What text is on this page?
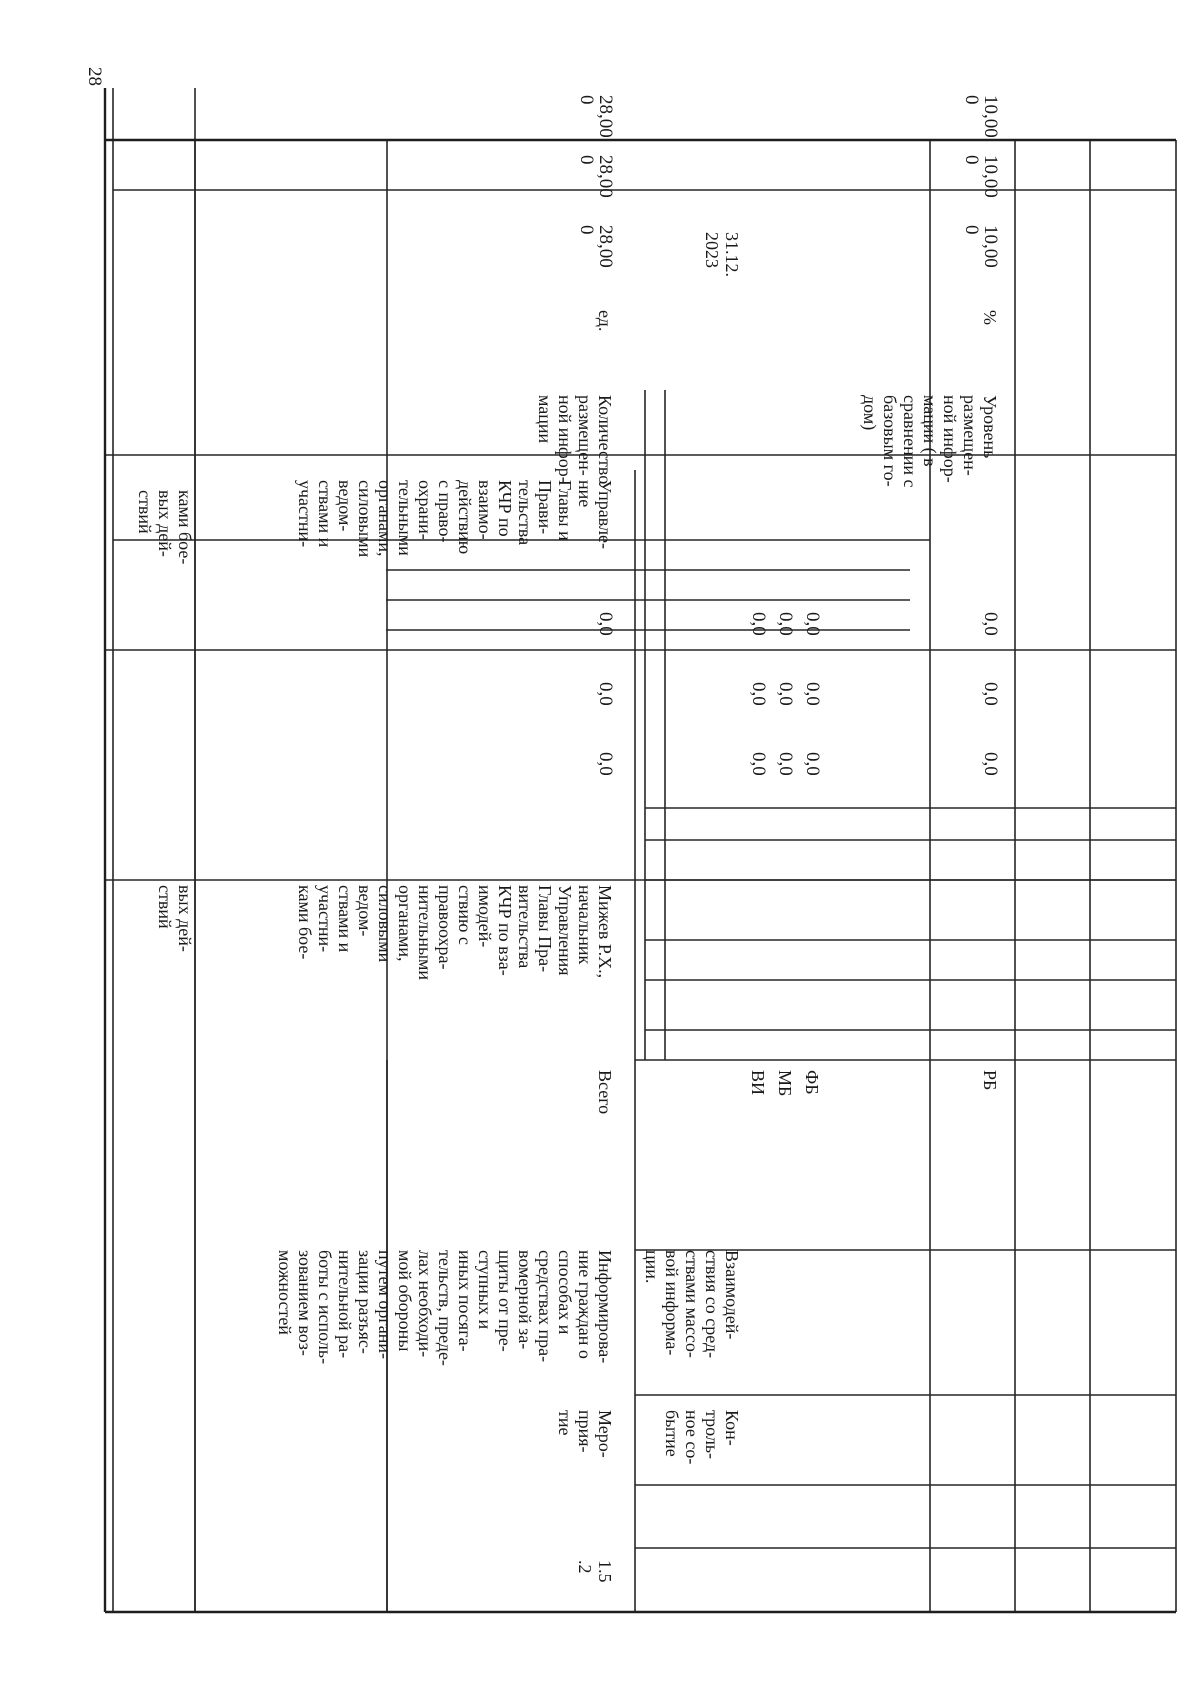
28
вых дей-
ствий
ками бое-
вых дей-
ствий
РБ
0,0
0,0
0,0
Уровень
размещен-
ной инфор-
мации ( в
сравнении с
базовым го-
дом)
%
10,00
0
10,00
0
10,00
0
ФБ
0,0
0,0
0,0
МБ
0,0
0,0
0,0
ВИ
0,0
0,0
0,0
Кон-
троль-
ное со-
бытие
Взаимодей-
ствия со сред-
ствами массо-
вой информа-
ции.
31.12.
2023
1.5
.2
Меро-
прия-
тие
Информирова-
ние граждан о
способах и
средствах пра-
вомерной за-
щиты от пре-
ступных и
иных посяга-
тельств, преде-
лах необходи-
мой обороны
путем органи-
зации разъяс-
нительной ра-
боты с исполь-
зованием воз-
можностей
Мижев Р.Х.,
начальник
Управления
Главы Пра-
вительства
КЧР по вза-
имодей-
ствию с
правоохра-
нительными
органами,
силовыми
ведом-
ствами и
участни-
ками бое-
Всего
0,0
0,0
0,0
Управле-
ние
Главы и
Прави-
тельства
КЧР по
взаимо-
действию
с право-
охрани-
тельными
органами,
силовыми
ведом-
ствами и
участни-
Количество
размещен-
ной инфор-
мации
ед.
28,00
0
28,00
0
28,00
0
